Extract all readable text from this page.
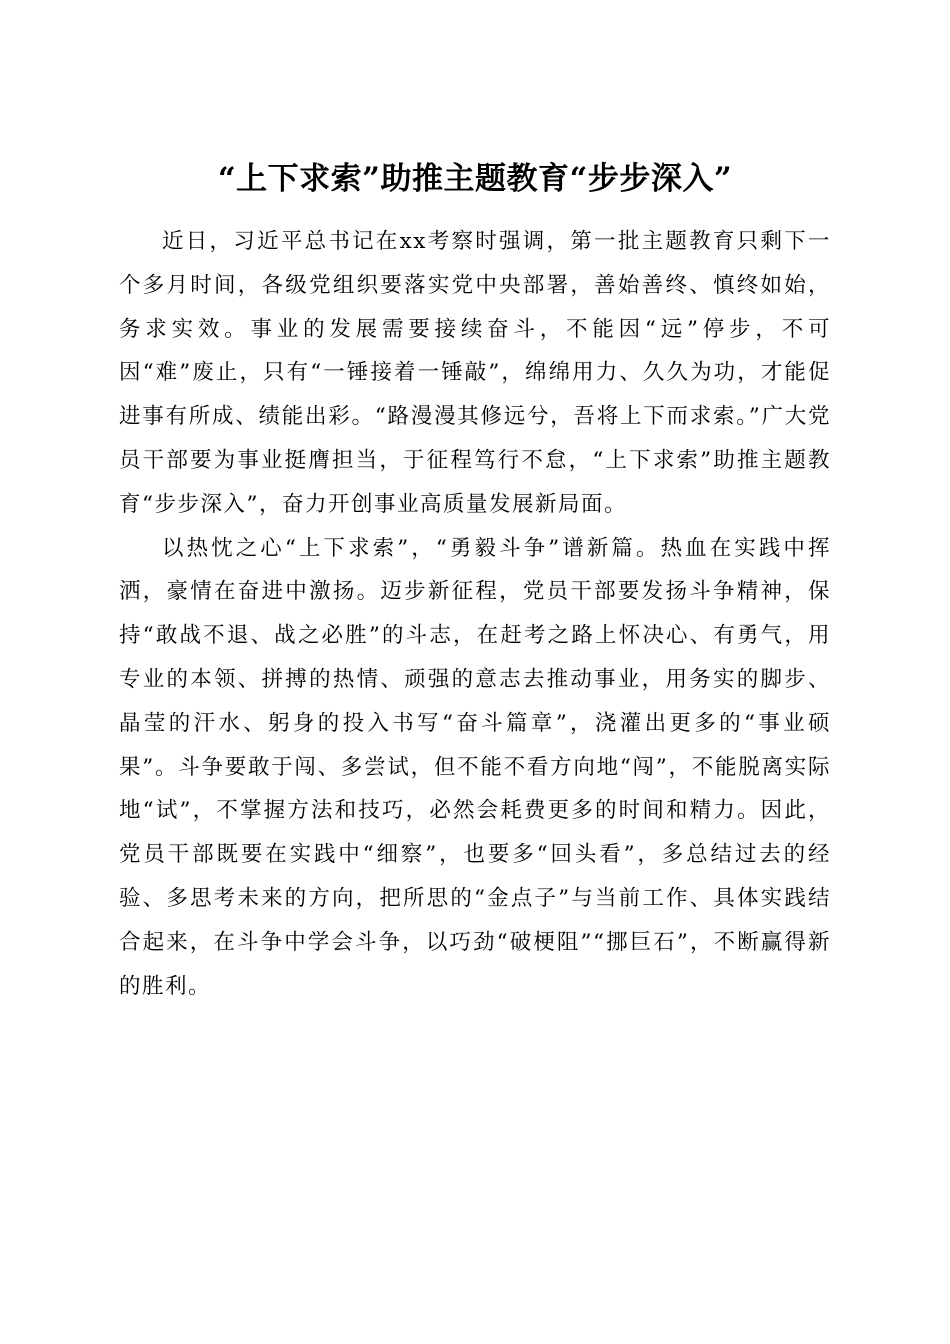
“上下求索”助推主题教育“步步深入”

近日，习近平总书记在xx考察时强调，第一批主题教育只剩下一个多月时间，各级党组织要落实党中央部署，善始善终、慎终如始，务求实效。事业的发展需要接续奋斗，不能因“远”停步，不可因“难”废止，只有“一锤接着一锤敲”，绵绵用力、久久为功，才能促进事有所成、绩能出彩。“路漫漫其修远兮，吾将上下而求索。”广大党员干部要为事业挺膺担当，于征程笃行不怠，“上下求索”助推主题教育“步步深入”，奋力开创事业高质量发展新局面。

以热忱之心“上下求索”，“勇毅斗争”谱新篇。热血在实践中挥洒，豪情在奋进中激扬。迈步新征程，党员干部要发扬斗争精神，保持“敢战不退、战之必胜”的斗志，在赶考之路上怀决心、有勇气，用专业的本领、拼搏的热情、顽强的意志去推动事业，用务实的脚步、晶莹的汗水、躬身的投入书写“奋斗篇章”，浇灌出更多的“事业硕果”。斗争要敢于闯、多尝试，但不能不看方向地“闯”，不能脱离实际地“试”，不掌握方法和技巧，必然会耗费更多的时间和精力。因此，党员干部既要在实践中“细察”，也要多“回头看”，多总结过去的经验、多思考未来的方向，把所思的“金点子”与当前工作、具体实践结合起来，在斗争中学会斗争，以巧劲“破梗阻”“挪巨石”，不断赢得新的胜利。
